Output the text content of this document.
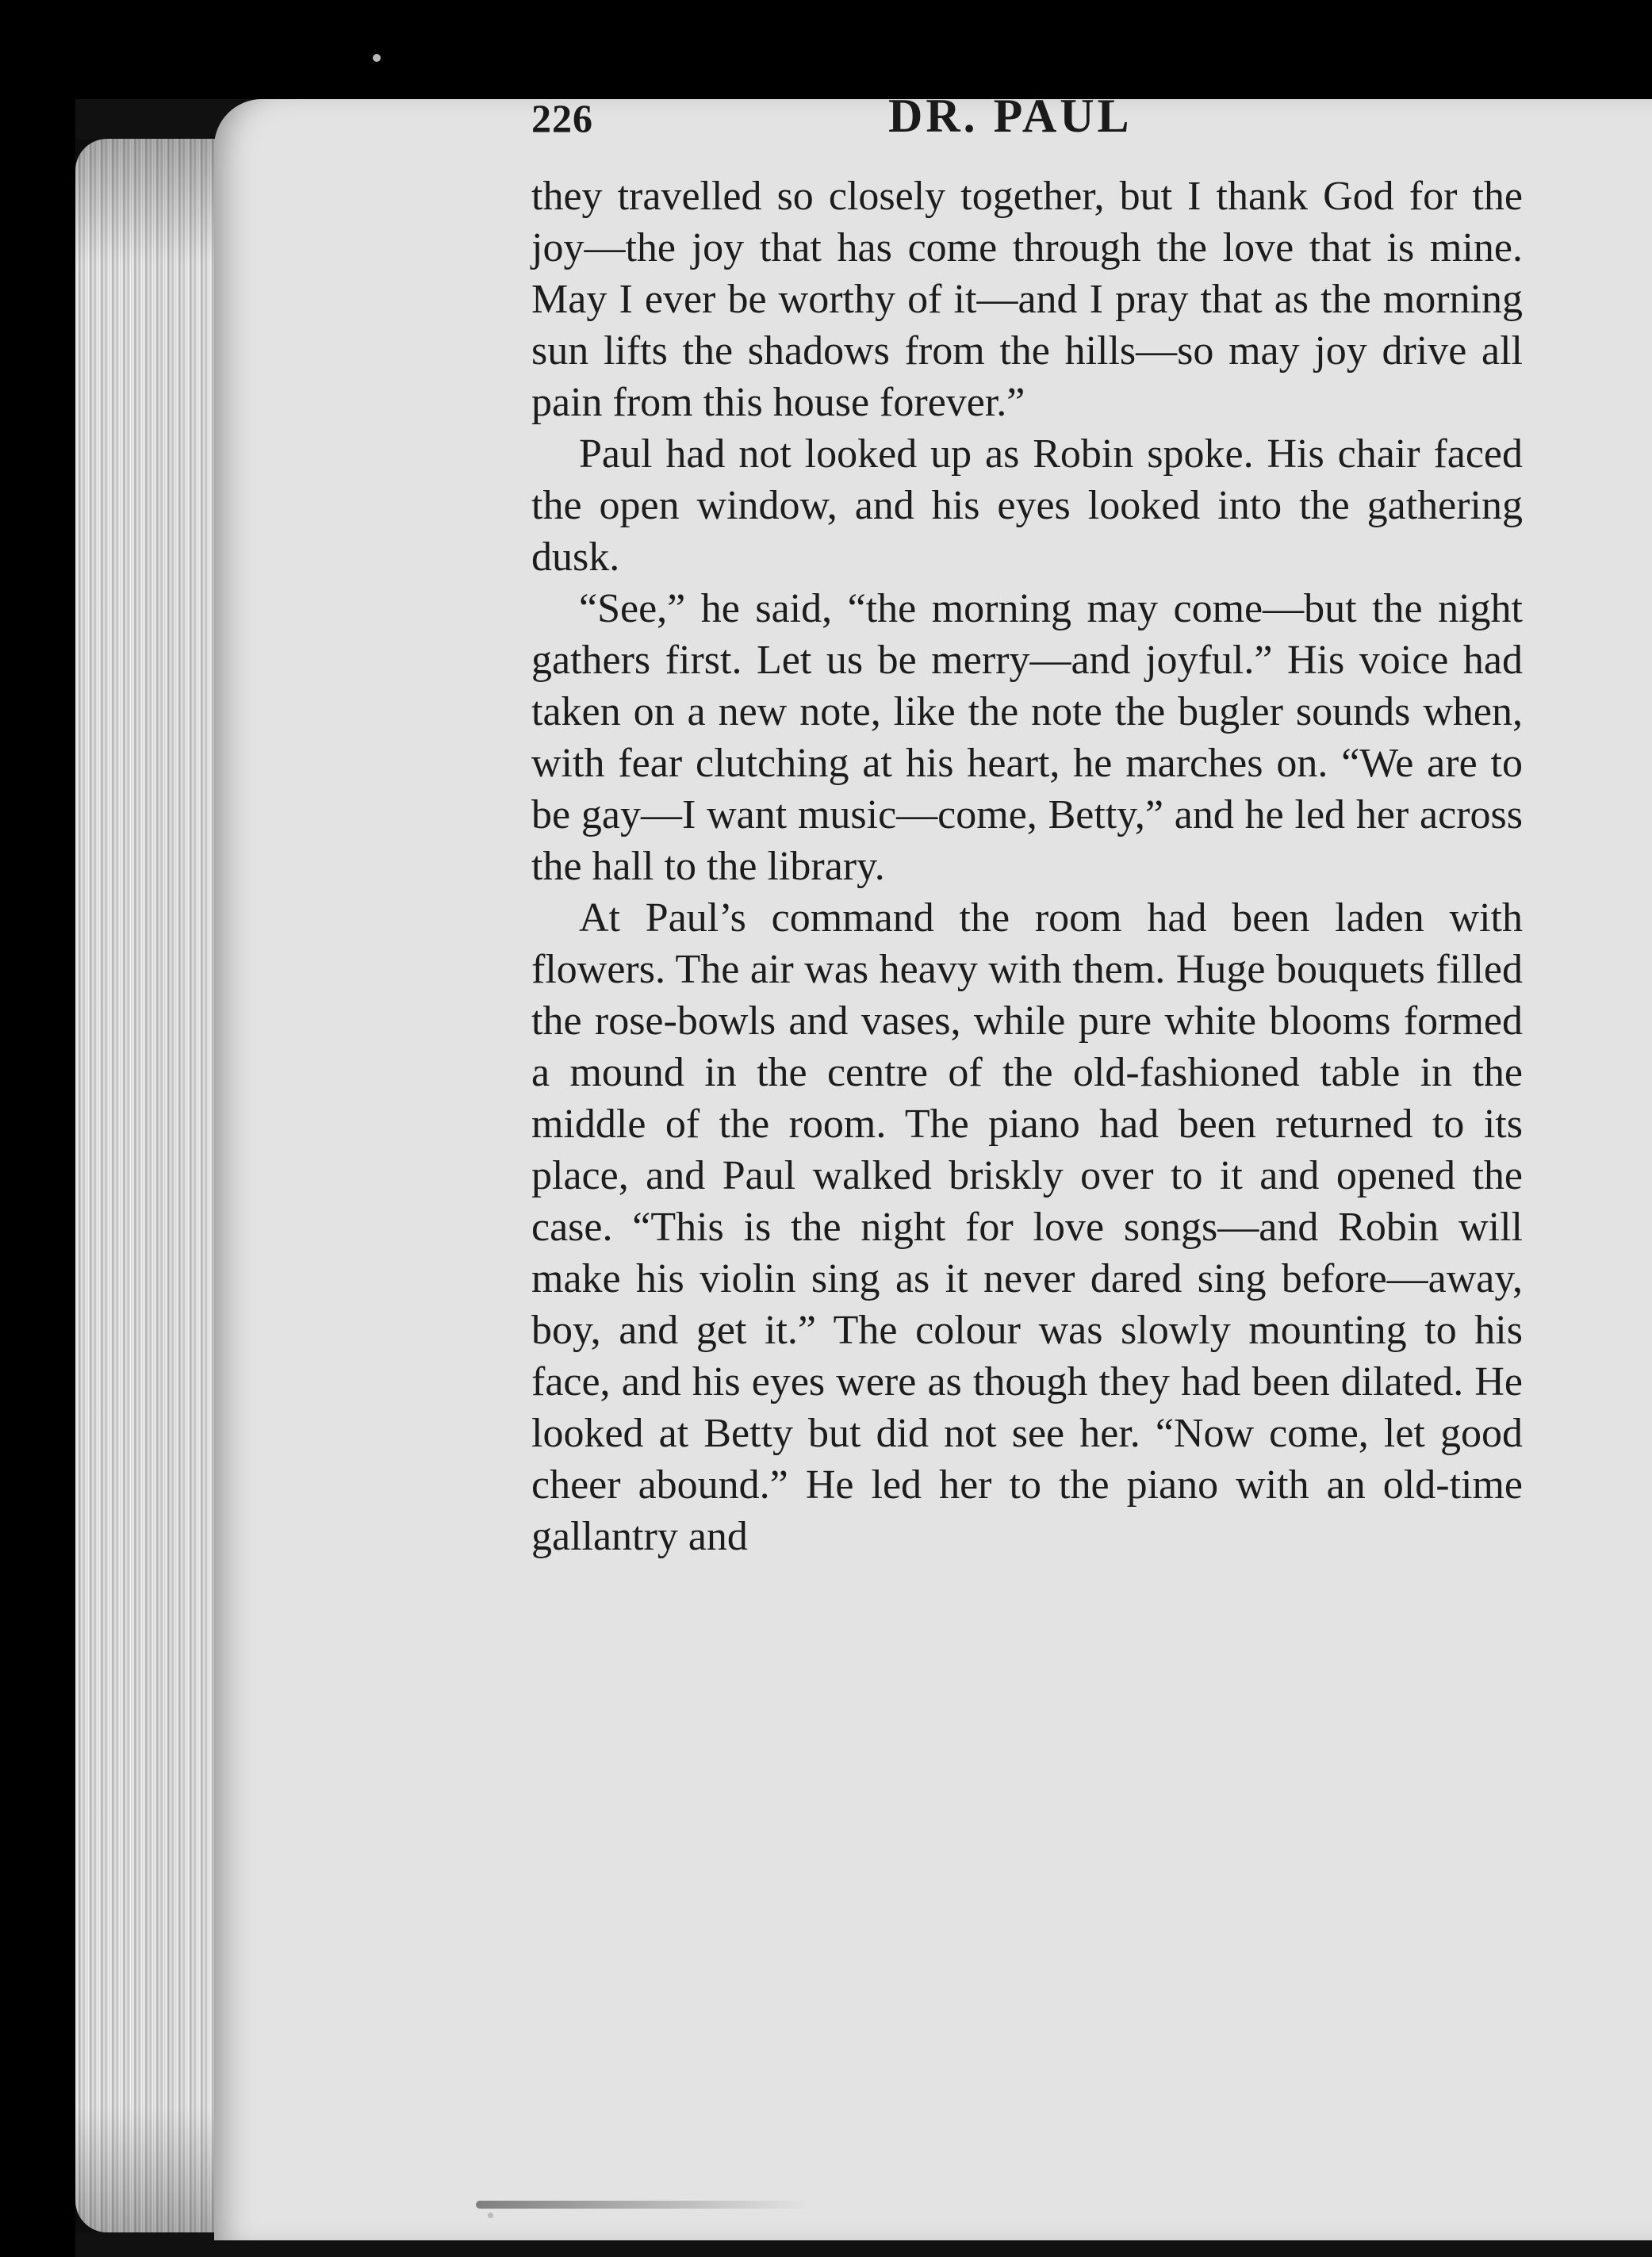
226	DR. PAUL

they travelled so closely together, but I thank God for the joy—the joy that has come through the love that is mine. May I ever be worthy of it—and I pray that as the morning sun lifts the shadows from the hills—so may joy drive all pain from this house forever.”

Paul had not looked up as Robin spoke. His chair faced the open window, and his eyes looked into the gathering dusk.

“See,” he said, “the morning may come—but the night gathers first. Let us be merry—and joyful.” His voice had taken on a new note, like the note the bugler sounds when, with fear clutching at his heart, he marches on. “We are to be gay—I want music—come, Betty,” and he led her across the hall to the library.

At Paul’s command the room had been laden with flowers. The air was heavy with them. Huge bouquets filled the rose-bowls and vases, while pure white blooms formed a mound in the centre of the old-fashioned table in the middle of the room. The piano had been returned to its place, and Paul walked briskly over to it and opened the case. “This is the night for love songs—and Robin will make his violin sing as it never dared sing before—away, boy, and get it.” The colour was slowly mounting to his face, and his eyes were as though they had been dilated. He looked at Betty but did not see her. “Now come, let good cheer abound.” He led her to the piano with an old-time gallantry and
